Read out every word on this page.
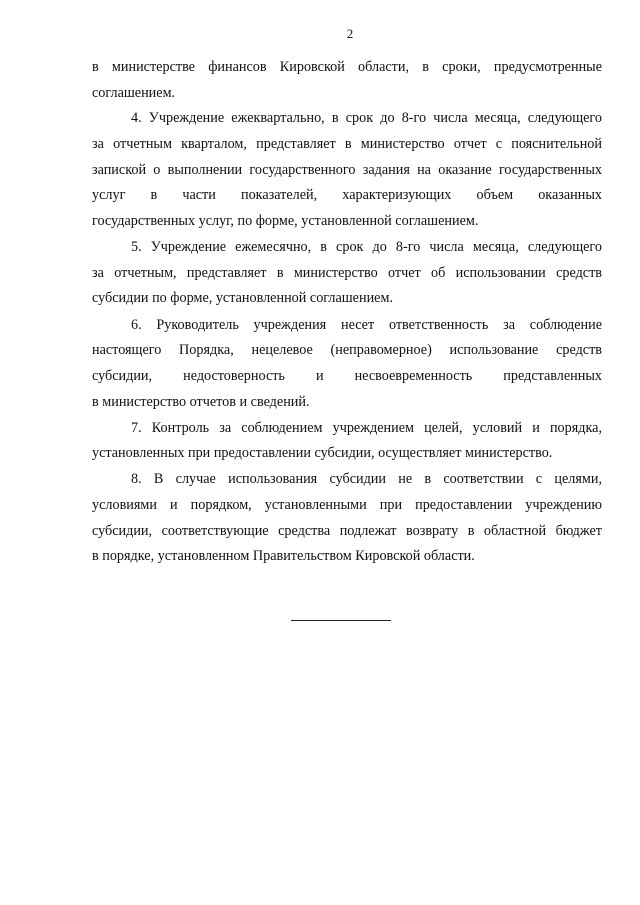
2
в министерстве финансов Кировской области, в сроки, предусмотренные
соглашением.
4. Учреждение ежеквартально, в срок до 8-го числа месяца, следующего
за отчетным кварталом, представляет в министерство отчет с пояснительной
запиской о выполнении государственного задания на оказание государственных
услуг в части показателей, характеризующих объем оказанных
государственных услуг, по форме, установленной соглашением.
5. Учреждение ежемесячно, в срок до 8-го числа месяца, следующего
за отчетным, представляет в министерство отчет об использовании средств
субсидии по форме, установленной соглашением.
6. Руководитель учреждения несет ответственность за соблюдение
настоящего Порядка, нецелевое (неправомерное) использование средств
субсидии, недостоверность и несвоевременность представленных
в министерство отчетов и сведений.
7. Контроль за соблюдением учреждением целей, условий и порядка,
установленных при предоставлении субсидии, осуществляет министерство.
8. В случае использования субсидии не в соответствии с целями,
условиями и порядком, установленными при предоставлении учреждению
субсидии, соответствующие средства подлежат возврату в областной бюджет
в порядке, установленном Правительством Кировской области.
